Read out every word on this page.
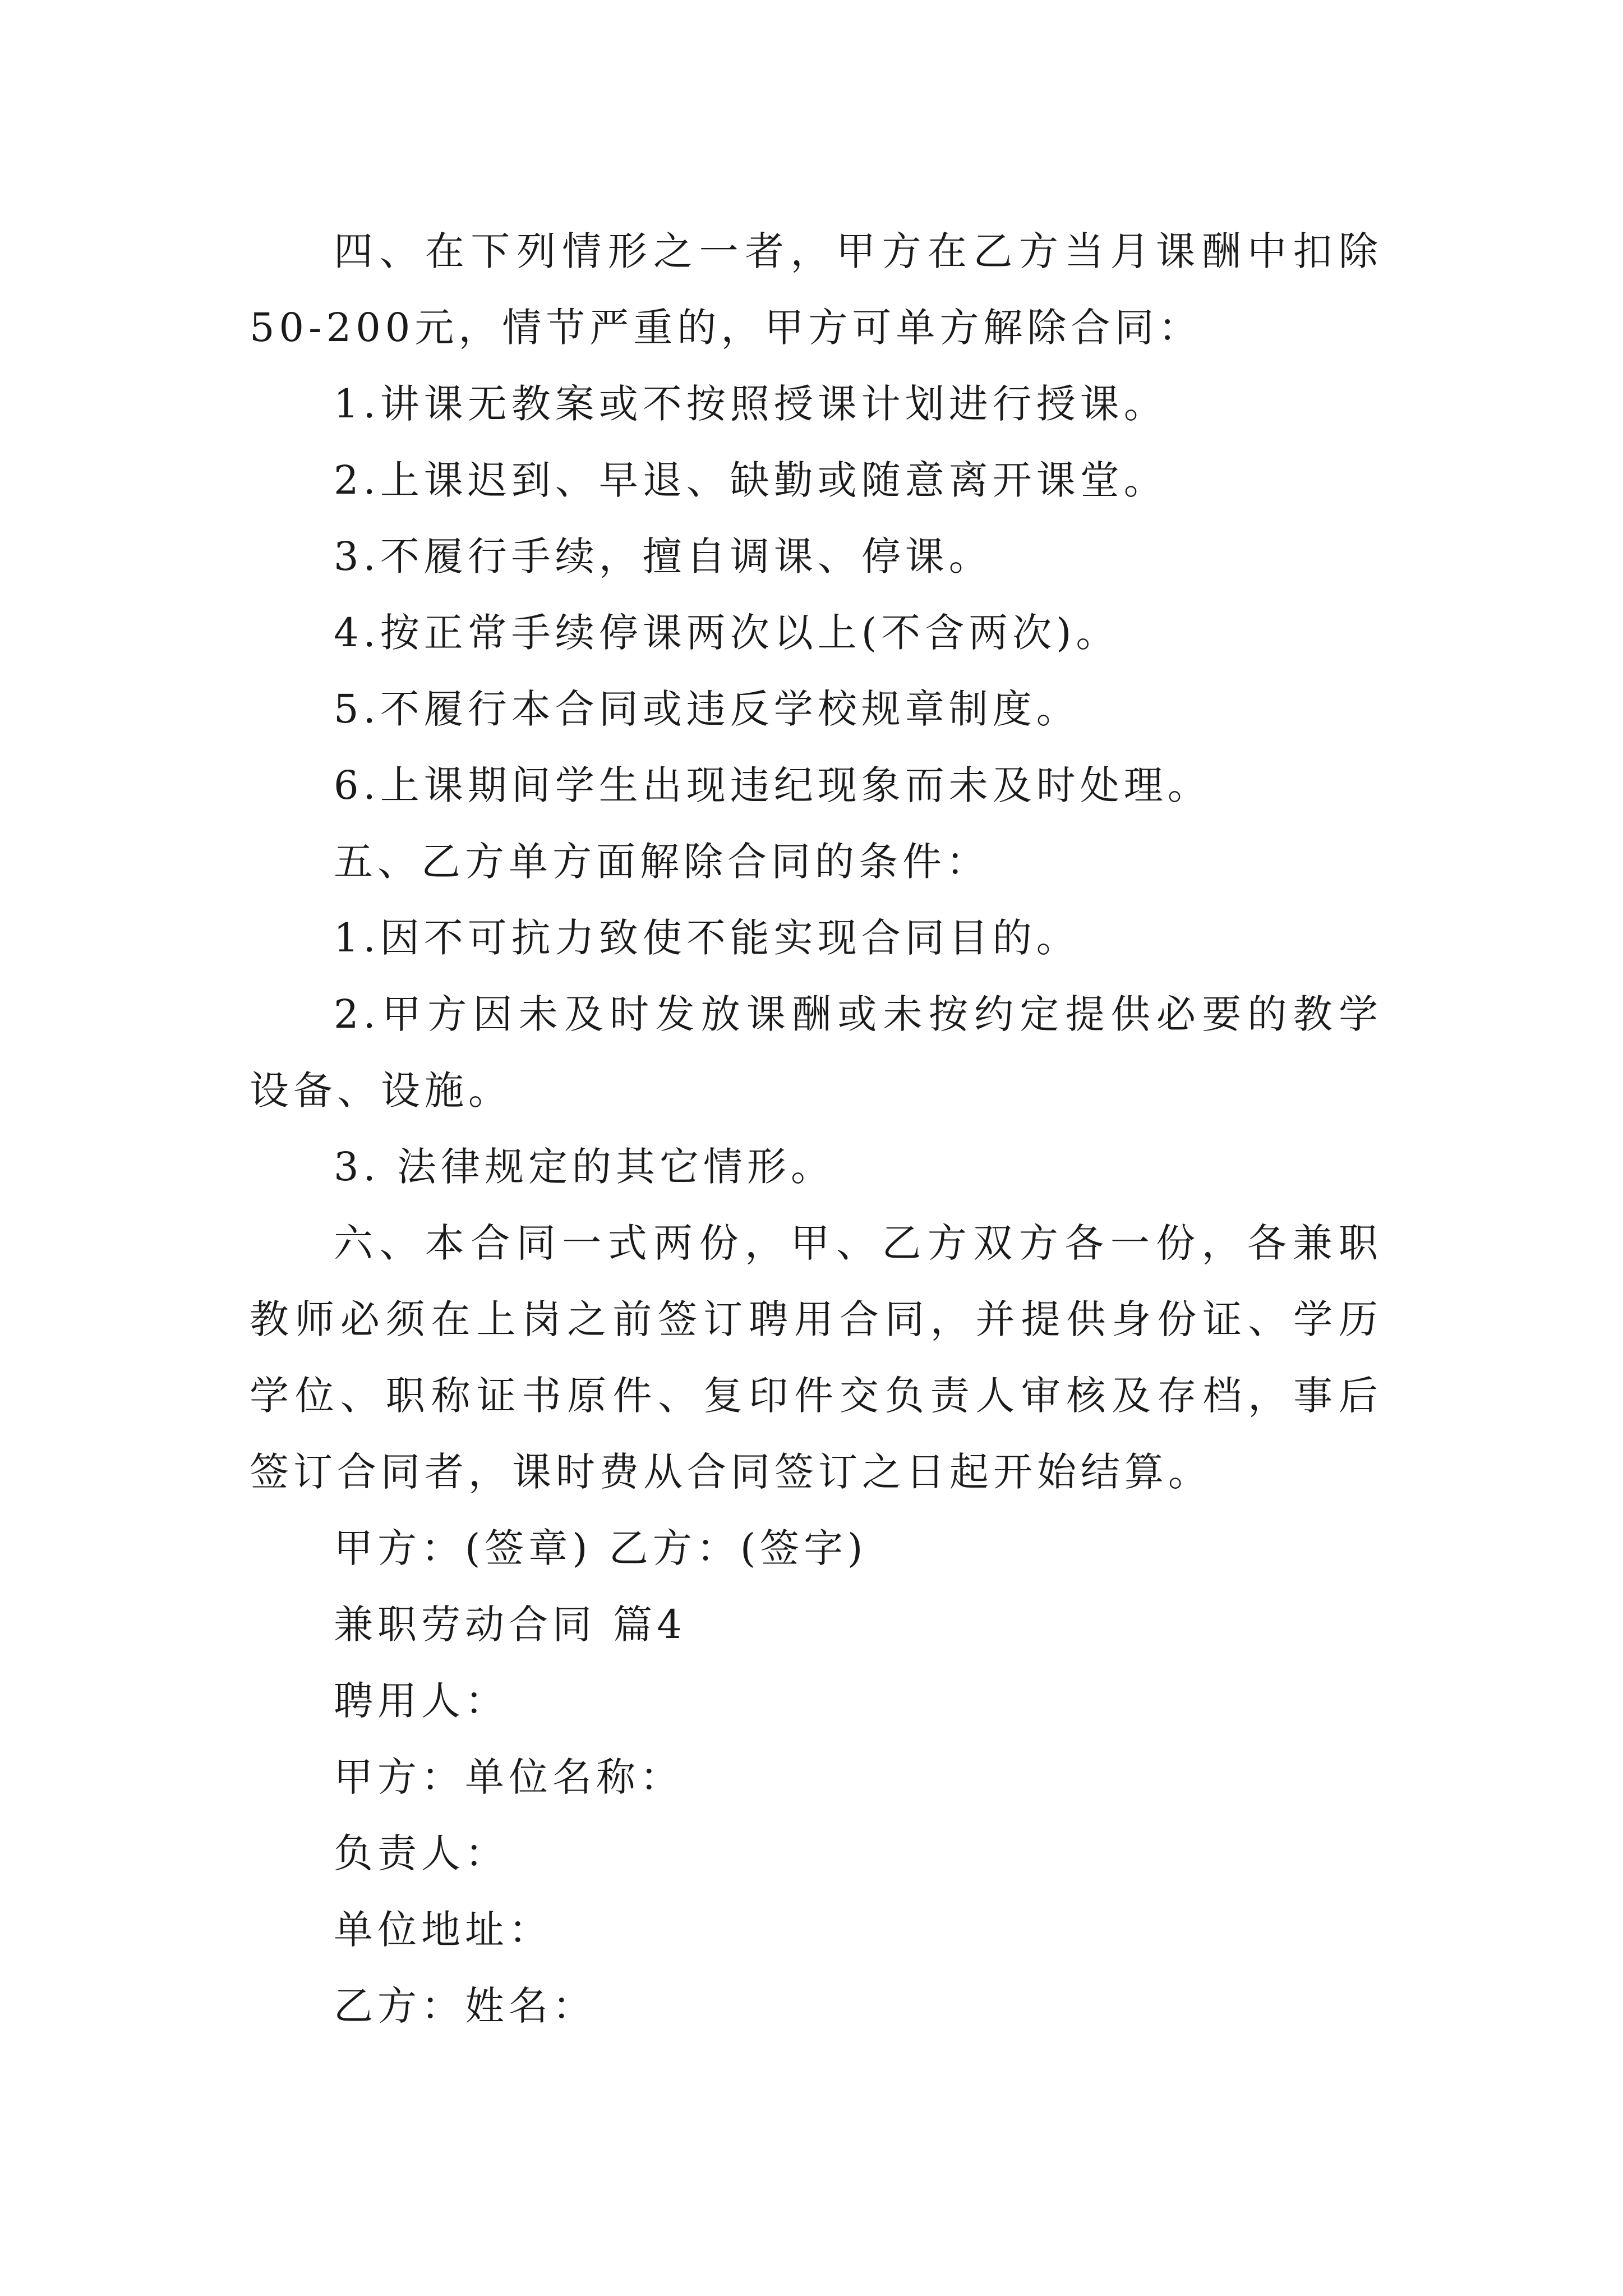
四、在下列情形之一者，甲方在乙方当月课酬中扣除50-200元，情节严重的，甲方可单方解除合同：

1.讲课无教案或不按照授课计划进行授课。

2.上课迟到、早退、缺勤或随意离开课堂。

3.不履行手续，擅自调课、停课。

4.按正常手续停课两次以上(不含两次)。

5.不履行本合同或违反学校规章制度。

6.上课期间学生出现违纪现象而未及时处理。

五、乙方单方面解除合同的条件：

1.因不可抗力致使不能实现合同目的。

2.甲方因未及时发放课酬或未按约定提供必要的教学设备、设施。

3. 法律规定的其它情形。

六、本合同一式两份，甲、乙方双方各一份，各兼职教师必须在上岗之前签订聘用合同，并提供身份证、学历学位、职称证书原件、复印件交负责人审核及存档，事后签订合同者，课时费从合同签订之日起开始结算。

甲方：(签章) 乙方：(签字)

兼职劳动合同 篇4

聘用人：

甲方：单位名称：

负责人：

单位地址：

乙方：姓名：
